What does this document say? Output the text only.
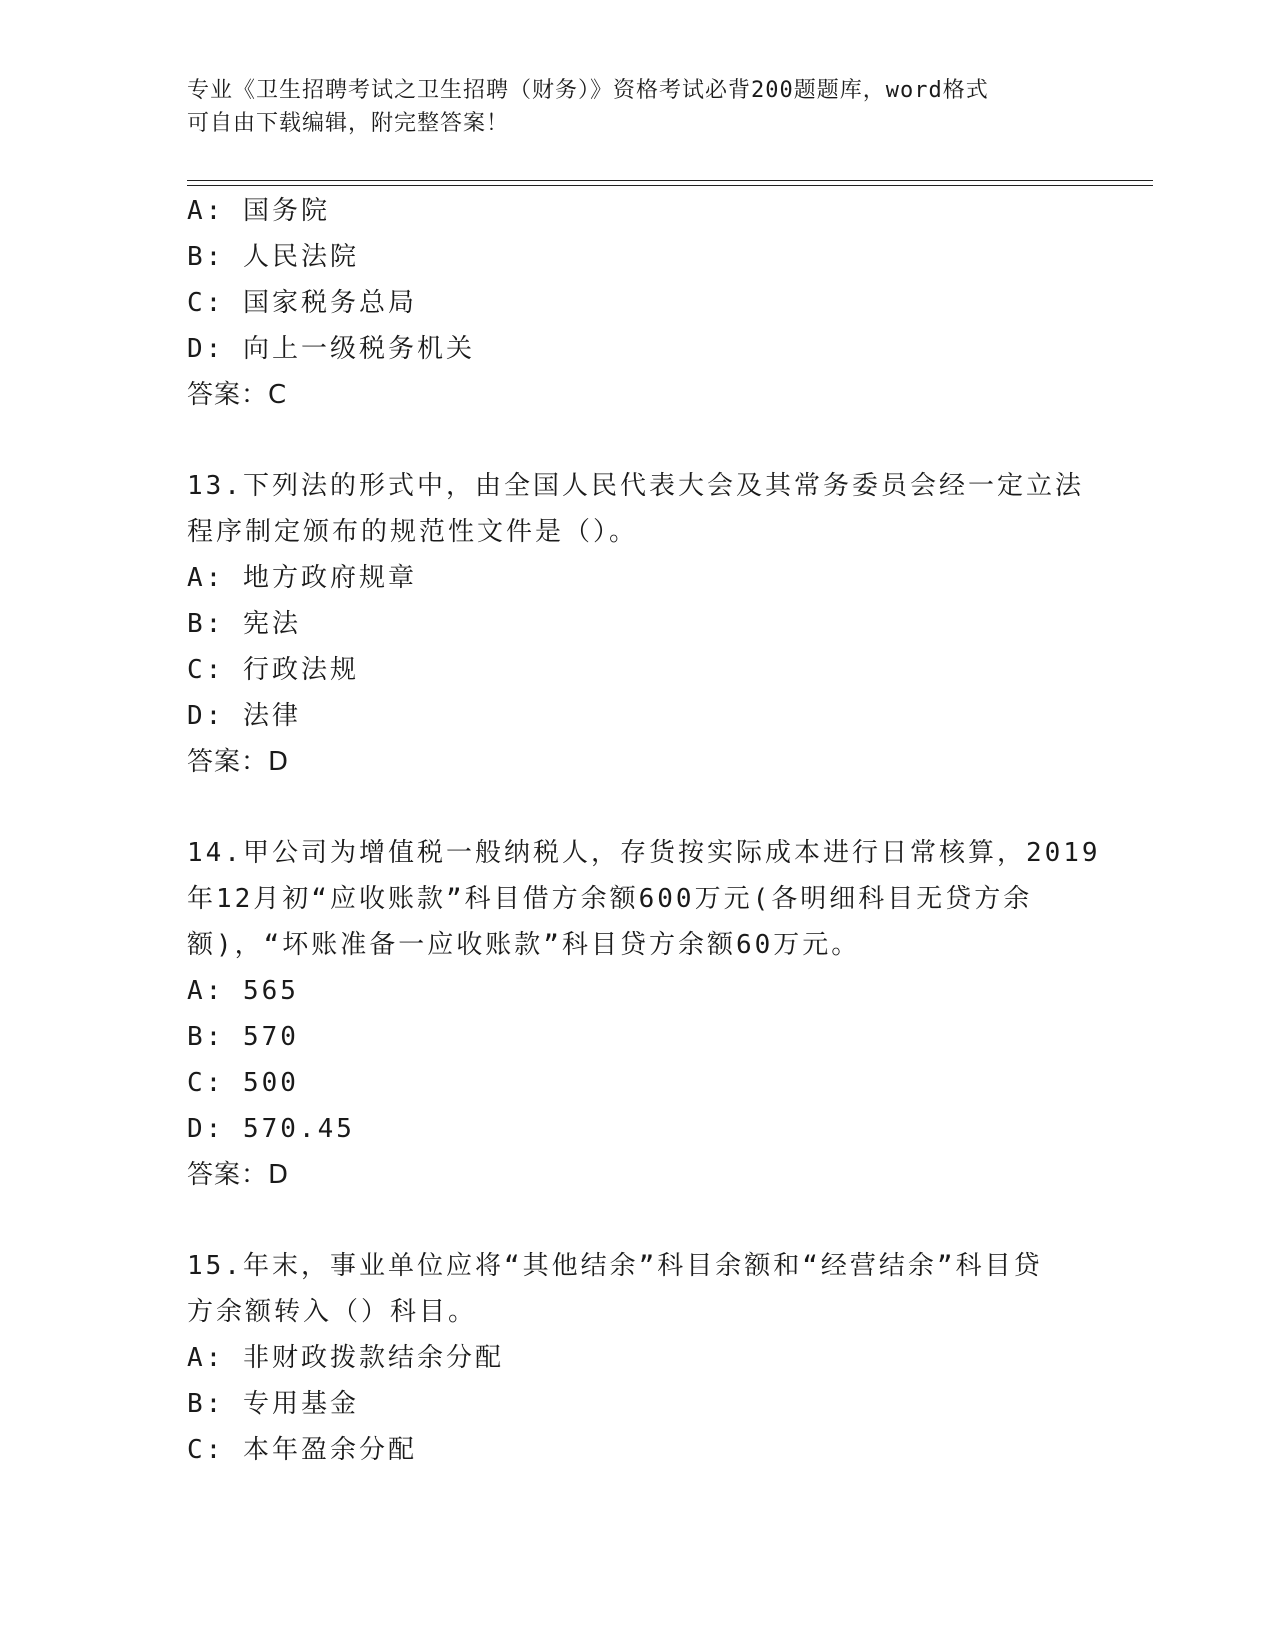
专业《卫生招聘考试之卫生招聘（财务）》资格考试必背200题题库，word格式
可自由下载编辑，附完整答案！
A: 国务院
B: 人民法院
C: 国家税务总局
D: 向上一级税务机关
答案：C
13.下列法的形式中，由全国人民代表大会及其常务委员会经一定立法
程序制定颁布的规范性文件是（）。
A: 地方政府规章
B: 宪法
C: 行政法规
D: 法律
答案：D
14.甲公司为增值税一般纳税人，存货按实际成本进行日常核算，2019
年12月初“应收账款”科目借方余额600万元(各明细科目无贷方余
额)，“坏账准备一应收账款”科目贷方余额60万元。
A: 565
B: 570
C: 500
D: 570.45
答案：D
15.年末，事业单位应将“其他结余”科目余额和“经营结余”科目贷
方余额转入（）科目。
A: 非财政拨款结余分配
B: 专用基金
C: 本年盈余分配
